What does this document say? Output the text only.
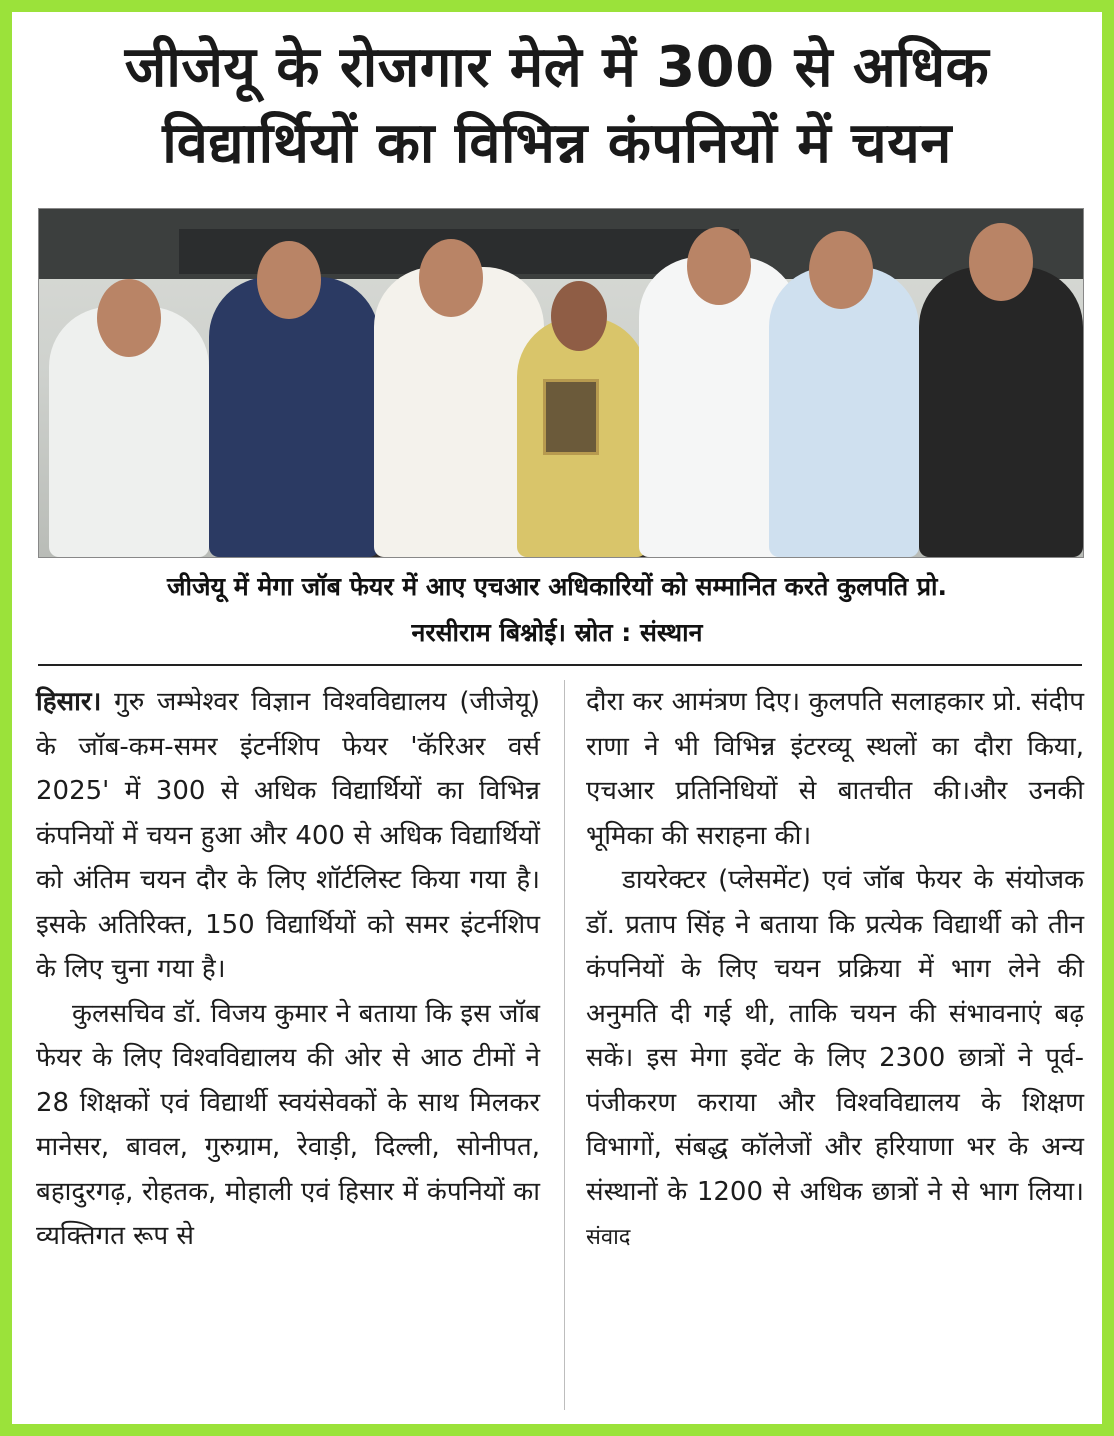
जीजेयू के रोजगार मेले में 300 से अधिक
विद्यार्थियों का विभिन्न कंपनियों में चयन
जीजेयू में मेगा जॉब फेयर में आए एचआर अधिकारियों को सम्मानित करते कुलपति प्रो.
नरसीराम बिश्नोई। स्रोत : संस्थान

हिसार। गुरु जम्भेश्वर विज्ञान विश्वविद्यालय (जीजेयू) के जॉब-कम-समर इंटर्नशिप फेयर 'कॅरिअर वर्स 2025' में 300 से अधिक विद्यार्थियों का विभिन्न कंपनियों में चयन हुआ और 400 से अधिक विद्यार्थियों को अंतिम चयन दौर के लिए शॉर्टलिस्ट किया गया है। इसके अतिरिक्त, 150 विद्यार्थियों को समर इंटर्नशिप के लिए चुना गया है।

कुलसचिव डॉ. विजय कुमार ने बताया कि इस जॉब फेयर के लिए विश्वविद्यालय की ओर से आठ टीमों ने 28 शिक्षकों एवं विद्यार्थी स्वयंसेवकों के साथ मिलकर मानेसर, बावल, गुरुग्राम, रेवाड़ी, दिल्ली, सोनीपत, बहादुरगढ़, रोहतक, मोहाली एवं हिसार में कंपनियों का व्यक्तिगत रूप से

दौरा कर आमंत्रण दिए। कुलपति सलाहकार प्रो. संदीप राणा ने भी विभिन्न इंटरव्यू स्थलों का दौरा किया, एचआर प्रतिनिधियों से बातचीत की।और उनकी भूमिका की सराहना की।

डायरेक्टर (प्लेसमेंट) एवं जॉब फेयर के संयोजक डॉ. प्रताप सिंह ने बताया कि प्रत्येक विद्यार्थी को तीन कंपनियों के लिए चयन प्रक्रिया में भाग लेने की अनुमति दी गई थी, ताकि चयन की संभावनाएं बढ़ सकें। इस मेगा इवेंट के लिए 2300 छात्रों ने पूर्व-पंजीकरण कराया और विश्वविद्यालय के शिक्षण विभागों, संबद्ध कॉलेजों और हरियाणा भर के अन्य संस्थानों के 1200 से अधिक छात्रों ने से भाग लिया। संवाद
